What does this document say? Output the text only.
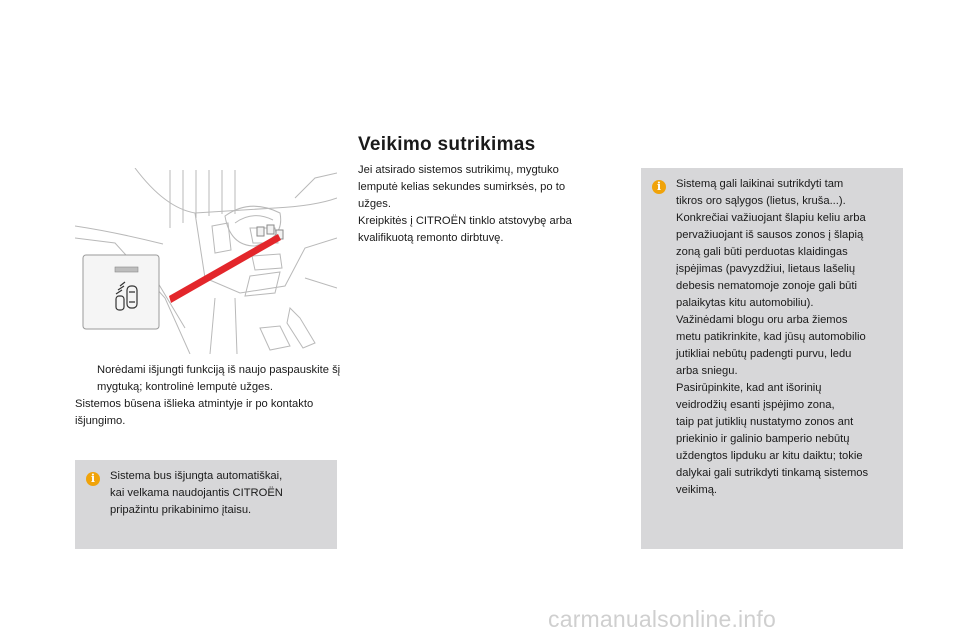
Norėdami išjungti funkciją iš naujo paspauskite šį mygtuką; kontrolinė lemputė užges.

Sistemos būsena išlieka atmintyje ir po kontakto išjungimo.

i

Sistema bus išjungta automatiškai,
kai velkama naudojantis CITROËN
pripažintu prikabinimo įtaisu.

Veikimo sutrikimas

Jei atsirado sistemos sutrikimų, mygtuko
lemputė kelias sekundes sumirksės, po to
užges.
Kreipkitės į CITROËN tinklo atstovybę arba
kvalifikuotą remonto dirbtuvę.

i

Sistemą gali laikinai sutrikdyti tam
tikros oro sąlygos (lietus, kruša...).
Konkrečiai važiuojant šlapiu keliu arba
pervažiuojant iš sausos zonos į šlapią
zoną gali būti perduotas klaidingas
įspėjimas (pavyzdžiui, lietaus lašelių
debesis nematomoje zonoje gali būti
palaikytas kitu automobiliu).
Važinėdami blogu oru arba žiemos
metu patikrinkite, kad jūsų automobilio
jutikliai nebūtų padengti purvu, ledu
arba sniegu.
Pasirūpinkite, kad ant išorinių
veidrodžių esanti įspėjimo zona,
taip pat jutiklių nustatymo zonos ant
priekinio ir galinio bamperio nebūtų
uždengtos lipduku ar kitu daiktu; tokie
dalykai gali sutrikdyti tinkamą sistemos
veikimą.

carmanualsonline.info
